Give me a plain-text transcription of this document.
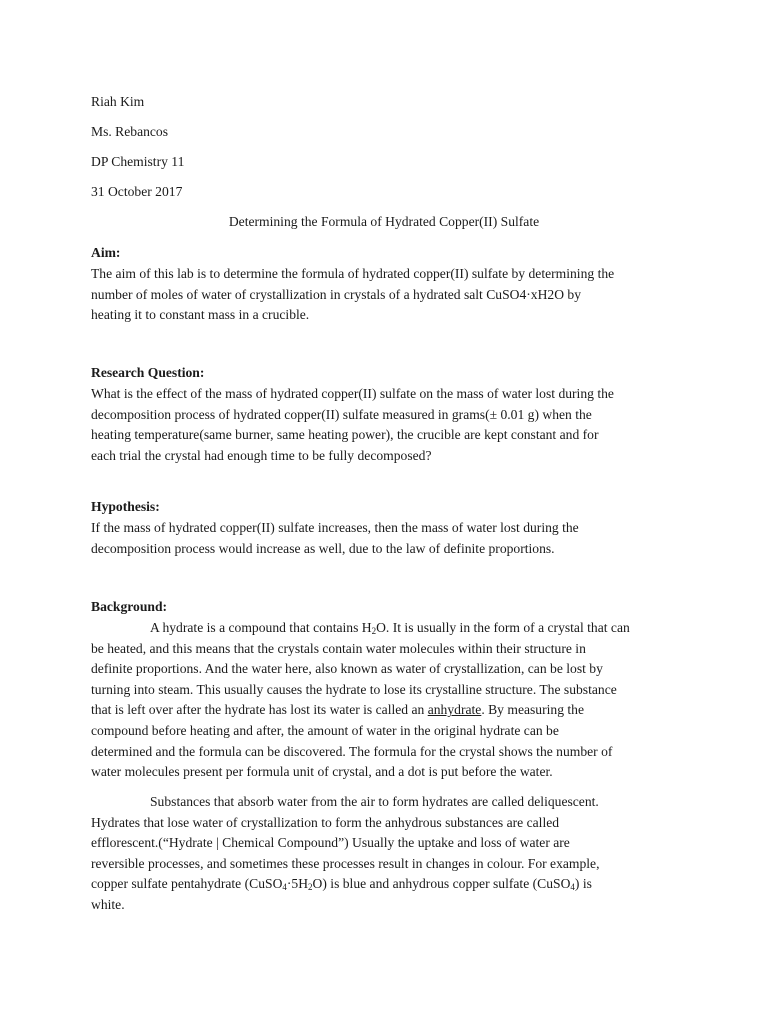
Riah Kim
Ms. Rebancos
DP Chemistry 11
31 October 2017
Determining the Formula of Hydrated Copper(II) Sulfate
Aim:
The aim of this lab is to determine the formula of hydrated copper(II) sulfate by determining the
number of moles of water of crystallization in crystals of a hydrated salt CuSO4·xH2O by
heating it to constant mass in a crucible.
Research Question:
What is the effect of the mass of hydrated copper(II) sulfate on the mass of water lost during the
decomposition process of hydrated copper(II) sulfate measured in grams(± 0.01 g) when the
heating temperature(same burner, same heating power), the crucible are kept constant and for
each trial the crystal had enough time to be fully decomposed?
Hypothesis:
If the mass of hydrated copper(II) sulfate increases, then the mass of water lost during the
decomposition process would increase as well, due to the law of definite proportions.
Background:
A hydrate is a compound that contains $H_2O$. It is usually in the form of a crystal that can
be heated, and this means that the crystals contain water molecules within their structure in
definite proportions. And the water here, also known as water of crystallization, can be lost by
turning into steam. This usually causes the hydrate to lose its crystalline structure. The substance
that is left over after the hydrate has lost its water is called an anhydrate. By measuring the
compound before heating and after, the amount of water in the original hydrate can be
determined and the formula can be discovered. The formula for the crystal shows the number of
water molecules present per formula unit of crystal, and a dot is put before the water.
Substances that absorb water from the air to form hydrates are called deliquescent.
Hydrates that lose water of crystallization to form the anhydrous substances are called
efflorescent.(“Hydrate | Chemical Compound”) Usually the uptake and loss of water are
reversible processes, and sometimes these processes result in changes in colour. For example,
copper sulfate pentahydrate $(CuSO_4\cdot 5H_2O)$ is blue and anhydrous copper sulfate (CuSO$_4$) is
white.
